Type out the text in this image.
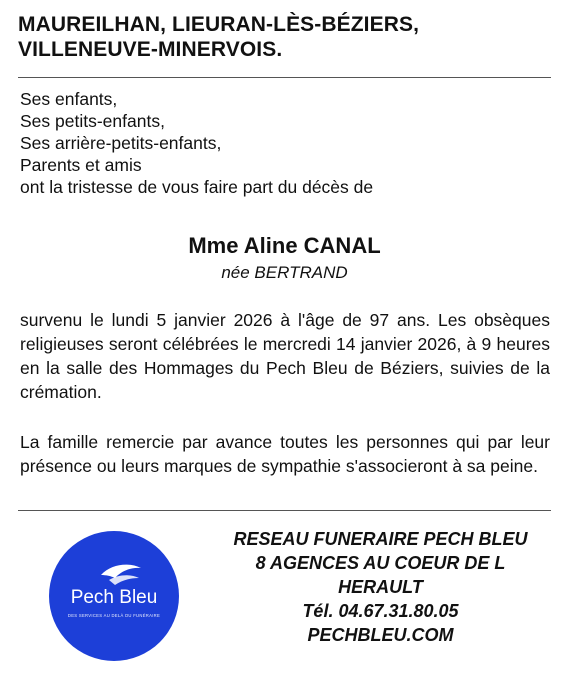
MAUREILHAN, LIEURAN-LÈS-BÉZIERS,
VILLENEUVE-MINERVOIS.
Ses enfants,
Ses petits-enfants,
Ses arrière-petits-enfants,
Parents et amis
ont la tristesse de vous faire part du décès de
Mme Aline CANAL
née BERTRAND
survenu le lundi 5 janvier 2026 à l'âge de 97 ans. Les obsèques religieuses seront célébrées le mercredi 14 janvier 2026, à 9 heures en la salle des Hommages du Pech Bleu de Béziers, suivies de la crémation.
La famille remercie par avance toutes les personnes qui par leur présence ou leurs marques de sympathie s'associeront à sa peine.
Pech Bleu
DES SERVICES AU DELÀ DU FUNÉRAIRE
RESEAU FUNERAIRE PECH BLEU
8 AGENCES AU COEUR DE L
HERAULT
Tél. 04.67.31.80.05
PECHBLEU.COM
